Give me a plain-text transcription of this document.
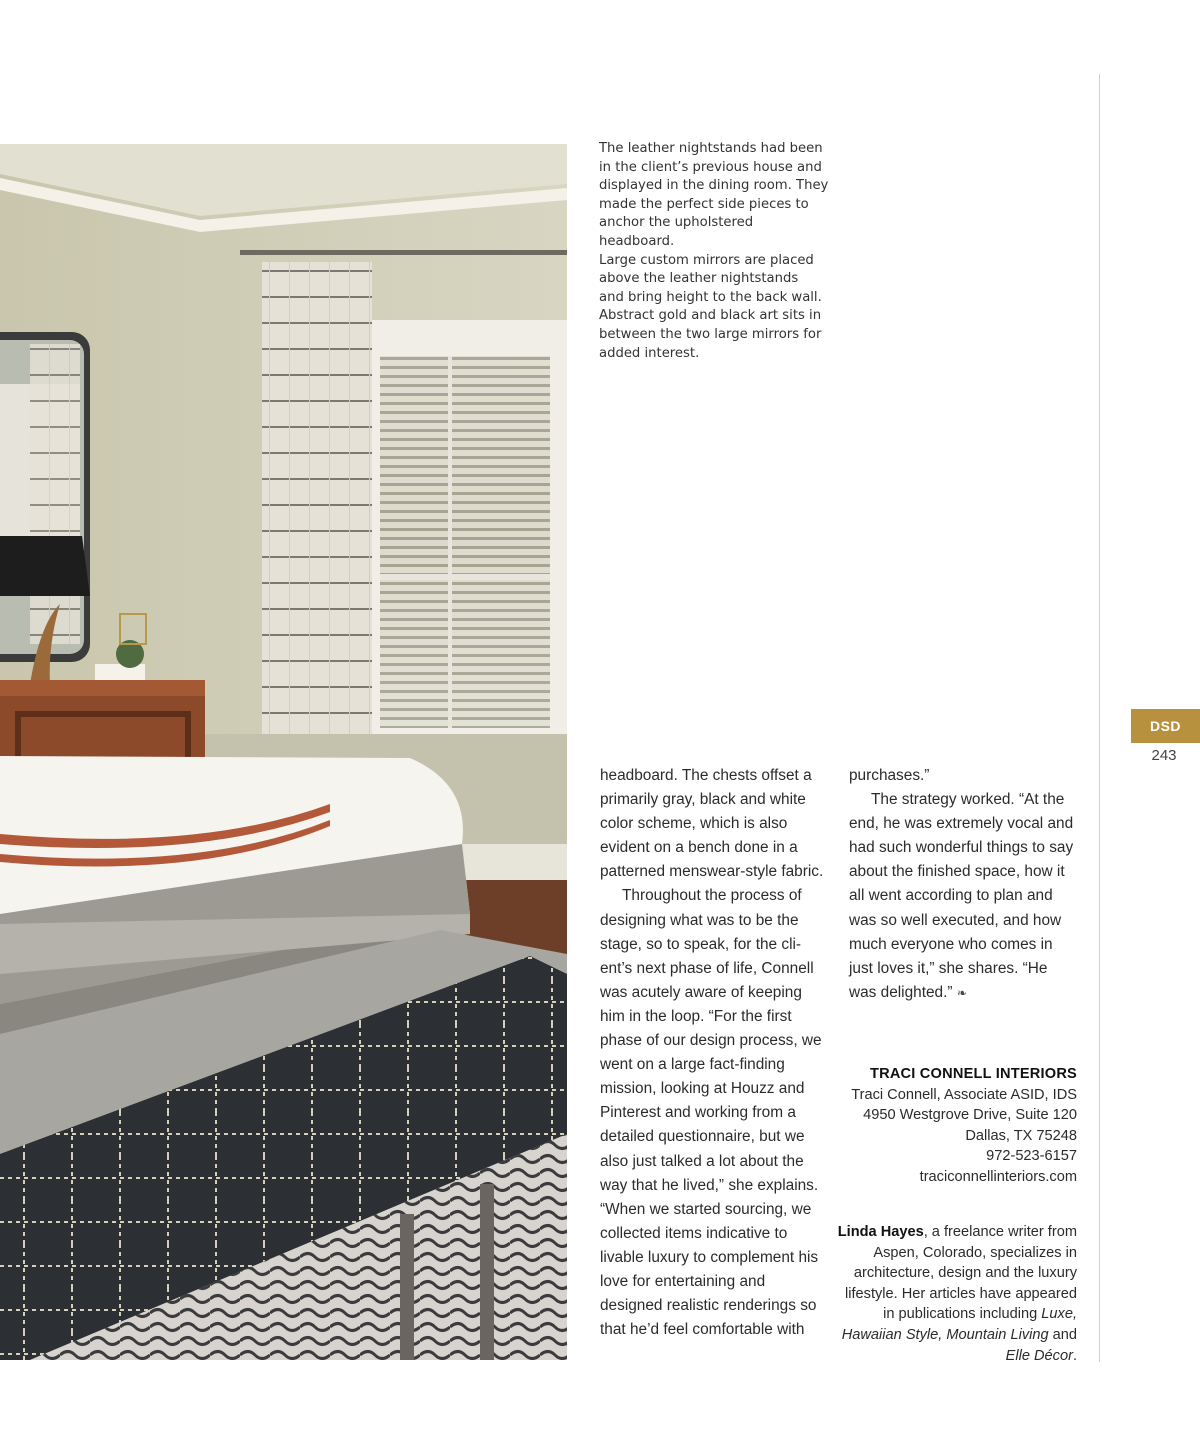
The leather nightstands had been
in the client’s previous house and
displayed in the dining room. They
made the perfect side pieces to
anchor the upholstered headboard.
Large custom mirrors are placed
above the leather nightstands
and bring height to the back wall.
Abstract gold and black art sits in
between the two large mirrors for
added interest.

headboard. The chests offset a primarily gray, black and white color scheme, which is also evident on a bench done in a patterned menswear-style fabric.

Throughout the process of designing what was to be the stage, so to speak, for the cli-ent’s next phase of life, Connell was acutely aware of keeping him in the loop. “For the first phase of our design process, we went on a large fact-finding mission, looking at Houzz and Pinterest and working from a detailed questionnaire, but we also just talked a lot about the way that he lived,” she explains. “When we started sourcing, we collected items indicative to livable luxury to complement his love for entertaining and designed realistic renderings so that he’d feel comfortable with

purchases.”

The strategy worked. “At the end, he was extremely vocal and had such wonderful things to say about the finished space, how it all went according to plan and was so well executed, and how much everyone who comes in just loves it,” she shares. “He was delighted.” ❧

TRACI CONNELL INTERIORS
Traci Connell, Associate ASID, IDS
4950 Westgrove Drive, Suite 120
Dallas, TX 75248
972-523-6157
traciconnellinteriors.com
Linda Hayes, a freelance writer from Aspen, Colorado, specializes in architecture, design and the luxury lifestyle. Her articles have appeared in publications including Luxe, Hawaiian Style, Mountain Living and Elle Décor.
DSD
243
